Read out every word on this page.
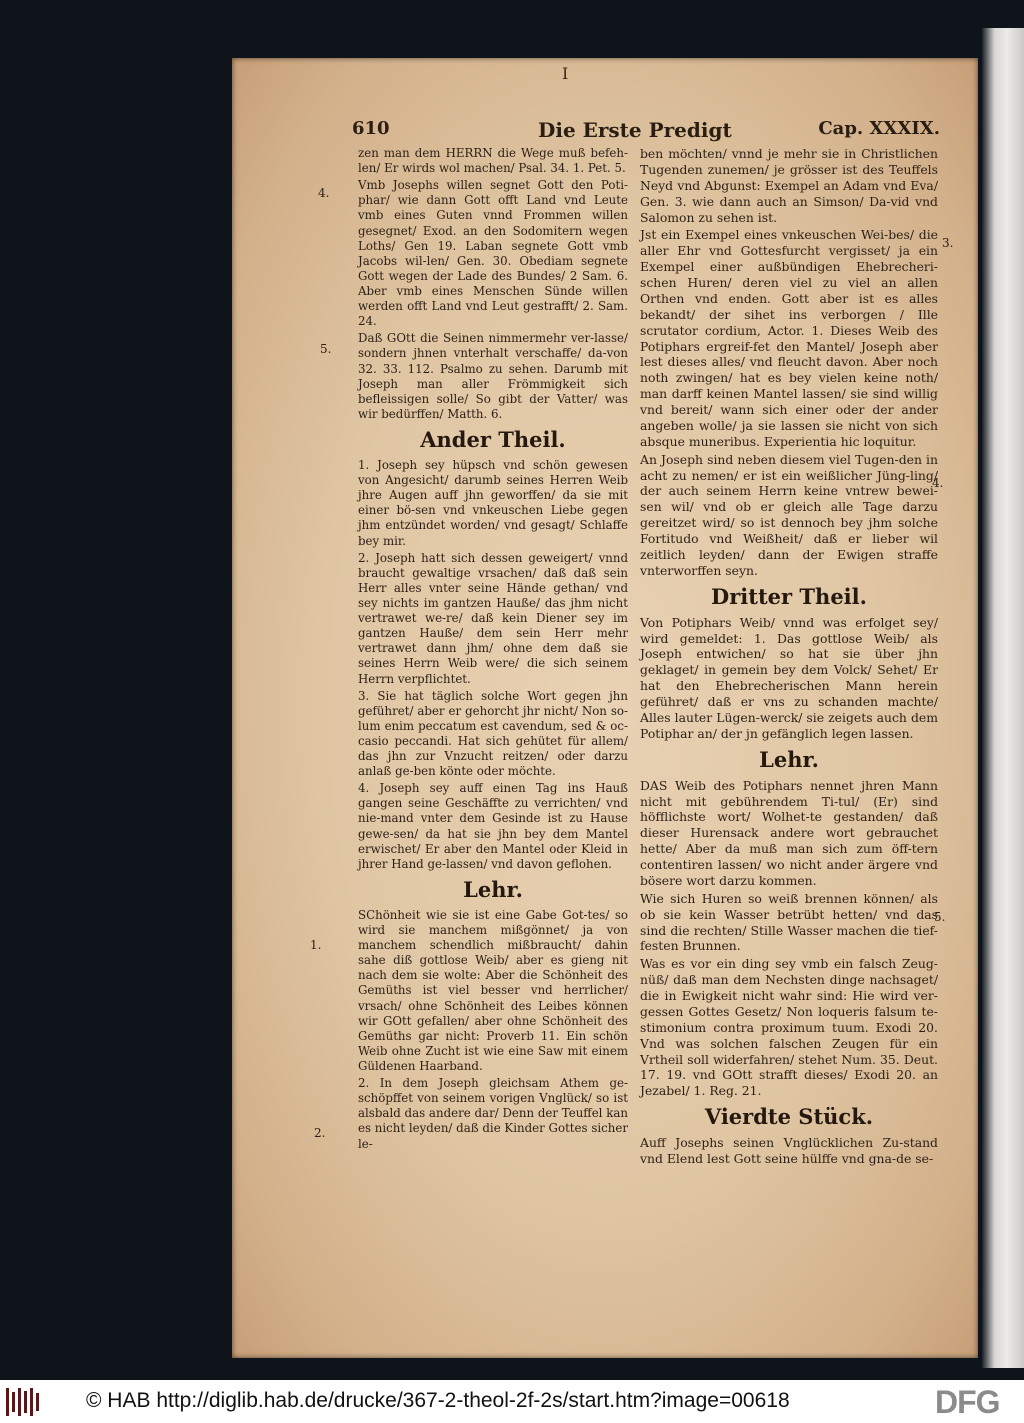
I
610	Die Erste Predigt	Cap. XXXIX.

zen man dem HERRN die Wege muß befeh-len/ Er wirds wol machen/ Psal. 34. 1. Pet. 5.

Vmb Josephs willen segnet Gott den Poti-phar/ wie dann Gott offt Land vnd Leute vmb eines Guten vnnd Frommen willen gesegnet/ Exod. an den Sodomitern wegen Loths/ Gen 19. Laban segnete Gott vmb Jacobs wil-len/ Gen. 30. Obediam segnete Gott wegen der Lade des Bundes/ 2 Sam. 6. Aber vmb eines Menschen Sünde willen werden offt Land vnd Leut gestrafft/ 2. Sam. 24.

Daß GOtt die Seinen nimmermehr ver-lasse/ sondern jhnen vnterhalt verschaffe/ da-von 32. 33. 112. Psalmo zu sehen. Darumb mit Joseph man aller Frömmigkeit sich befleissigen solle/ So gibt der Vatter/ was wir bedürffen/ Matth. 6.

Ander Theil.

1. Joseph sey hüpsch vnd schön gewesen von Angesicht/ darumb seines Herren Weib jhre Augen auff jhn geworffen/ da sie mit einer bö-sen vnd vnkeuschen Liebe gegen jhm entzündet worden/ vnd gesagt/ Schlaffe bey mir.

2. Joseph hatt sich dessen geweigert/ vnnd braucht gewaltige vrsachen/ daß daß sein Herr alles vnter seine Hände gethan/ vnd sey nichts im gantzen Hauße/ das jhm nicht vertrawet we-re/ daß kein Diener sey im gantzen Hauße/ dem sein Herr mehr vertrawet dann jhm/ ohne dem daß sie seines Herrn Weib were/ die sich seinem Herrn verpflichtet.

3. Sie hat täglich solche Wort gegen jhn geführet/ aber er gehorcht jhr nicht/ Non so-lum enim peccatum est cavendum, sed & oc-casio peccandi. Hat sich gehütet für allem/ das jhn zur Vnzucht reitzen/ oder darzu anlaß ge-ben könte oder möchte.

4. Joseph sey auff einen Tag ins Hauß gangen seine Geschäffte zu verrichten/ vnd nie-mand vnter dem Gesinde ist zu Hause gewe-sen/ da hat sie jhn bey dem Mantel erwischet/ Er aber den Mantel oder Kleid in jhrer Hand ge-lassen/ vnd davon geflohen.

Lehr.

SChönheit wie sie ist eine Gabe Got-tes/ so wird sie manchem mißgönnet/ ja von manchem schendlich mißbraucht/ dahin sahe diß gottlose Weib/ aber es gieng nit nach dem sie wolte: Aber die Schönheit des Gemüths ist viel besser vnd herrlicher/ vrsach/ ohne Schönheit des Leibes können wir GOtt gefallen/ aber ohne Schönheit des Gemüths gar nicht: Proverb 11. Ein schön Weib ohne Zucht ist wie eine Saw mit einem Güldenen Haarband.

2. In dem Joseph gleichsam Athem ge-schöpffet von seinem vorigen Vnglück/ so ist alsbald das andere dar/ Denn der Teuffel kan es nicht leyden/ daß die Kinder Gottes sicher le-

ben möchten/ vnnd je mehr sie in Christlichen Tugenden zunemen/ je grösser ist des Teuffels Neyd vnd Abgunst: Exempel an Adam vnd Eva/ Gen. 3. wie dann auch an Simson/ Da-vid vnd Salomon zu sehen ist.

Jst ein Exempel eines vnkeuschen Wei-bes/ die aller Ehr vnd Gottesfurcht vergisset/ ja ein Exempel einer außbündigen Ehebrecheri-schen Huren/ deren viel zu viel an allen Orthen vnd enden. Gott aber ist es alles bekandt/ der sihet ins verborgen / Ille scrutator cordium, Actor. 1. Dieses Weib des Potiphars ergreif-fet den Mantel/ Joseph aber lest dieses alles/ vnd fleucht davon. Aber noch noth zwingen/ hat es bey vielen keine noth/ man darff keinen Mantel lassen/ sie sind willig vnd bereit/ wann sich einer oder der ander angeben wolle/ ja sie lassen sie nicht von sich absque muneribus. Experientia hic loquitur.

An Joseph sind neben diesem viel Tugen-den in acht zu nemen/ er ist ein weißlicher Jüng-ling/ der auch seinem Herrn keine vntrew bewei-sen wil/ vnd ob er gleich alle Tage darzu gereitzet wird/ so ist dennoch bey jhm solche Fortitudo vnd Weißheit/ daß er lieber wil zeitlich leyden/ dann der Ewigen straffe vnterworffen seyn.

Dritter Theil.

Von Potiphars Weib/ vnnd was erfolget sey/ wird gemeldet: 1. Das gottlose Weib/ als Joseph entwichen/ so hat sie über jhn geklaget/ in gemein bey dem Volck/ Sehet/ Er hat den Ehebrecherischen Mann herein geführet/ daß er vns zu schanden machte/ Alles lauter Lügen-werck/ sie zeigets auch dem Potiphar an/ der jn gefänglich legen lassen.

Lehr.

DAS Weib des Potiphars nennet jhren Mann nicht mit gebührendem Ti-tul/ (Er) sind höfflichste wort/ Wolhet-te gestanden/ daß dieser Hurensack andere wort gebrauchet hette/ Aber da muß man sich zum öff-tern contentiren lassen/ wo nicht ander ärgere vnd bösere wort darzu kommen.

Wie sich Huren so weiß brennen können/ als ob sie kein Wasser betrübt hetten/ vnd das sind die rechten/ Stille Wasser machen die tief-festen Brunnen.

Was es vor ein ding sey vmb ein falsch Zeug-nüß/ daß man dem Nechsten dinge nachsaget/ die in Ewigkeit nicht wahr sind: Hie wird ver-gessen Gottes Gesetz/ Non loqueris falsum te-stimonium contra proximum tuum. Exodi 20. Vnd was solchen falschen Zeugen für ein Vrtheil soll widerfahren/ stehet Num. 35. Deut. 17. 19. vnd GOtt strafft dieses/ Exodi 20. an Jezabel/ 1. Reg. 21.

Vierdte Stück.

Auff Josephs seinen Vnglücklichen Zu-stand vnd Elend lest Gott seine hülffe vnd gna-de se-

4.
5.
1.
2.
3.
4.
5.
© HAB http://diglib.hab.de/drucke/367-2-theol-2f-2s/start.htm?image=00618	DFG
